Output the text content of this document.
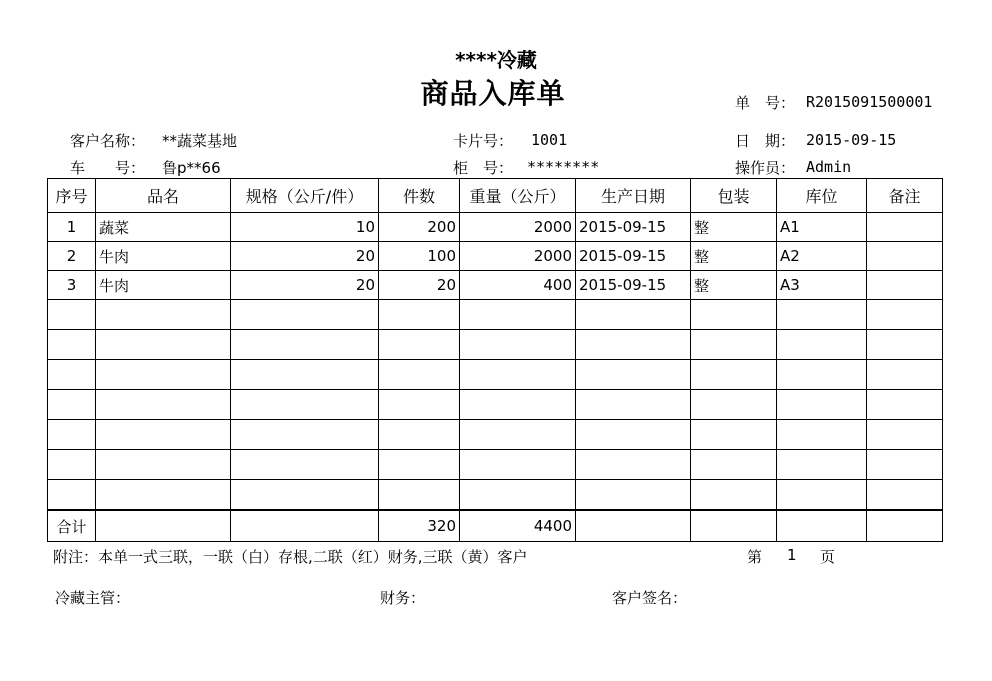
****冷藏
商品入库单	单　号： R2015091500001
客户名称： **蔬菜基地	卡片号： 1001	日　期： 2015-09-15
车　　号： 鲁p**66	柜　号： ********	操作员： Admin
序号	品名	规格（公斤/件）	件数	重量（公斤）	生产日期	包装	库位	备注
1	蔬菜	10	200	2000	2015-09-15	整	A1	
2	牛肉	20	100	2000	2015-09-15	整	A2	
3	牛肉	20	20	400	2015-09-15	整	A3	

合计			320	4400				
附注：本单一式三联，一联（白）存根,二联（红）财务,三联（黄）客户	第 1 页
冷藏主管：	财务：	客户签名：
